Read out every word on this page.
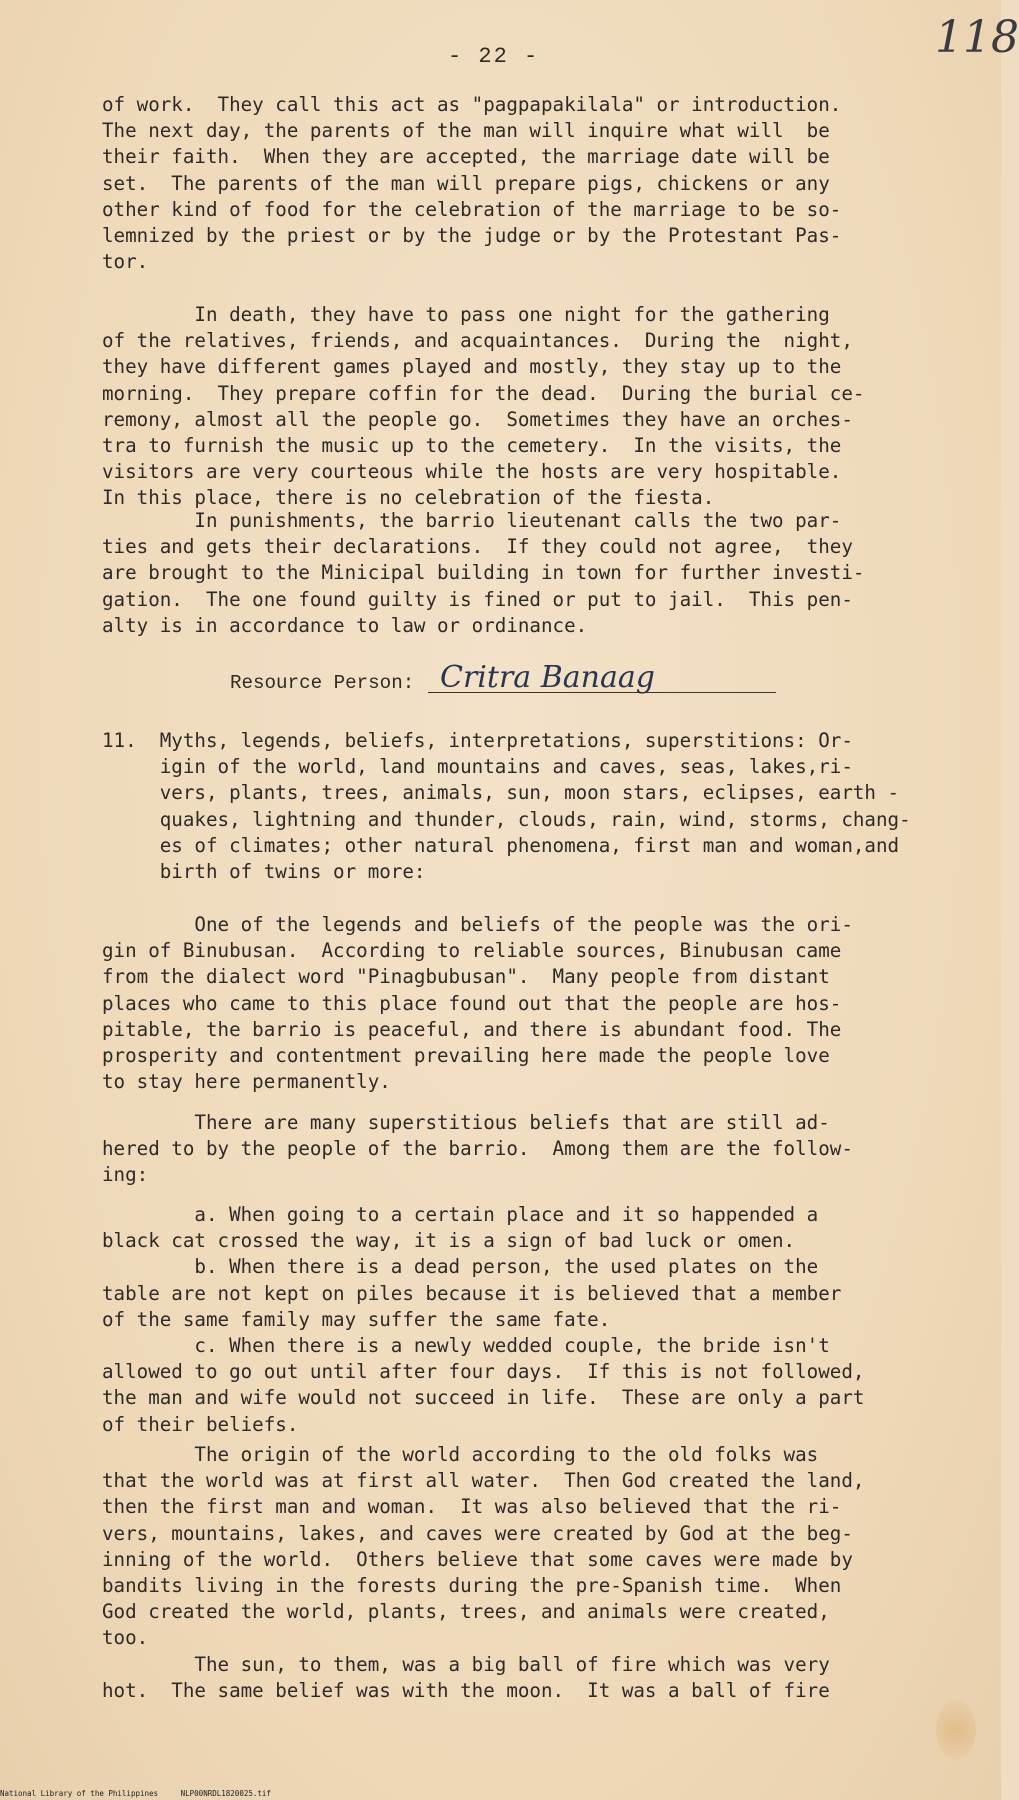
- 22 -	118
of work.  They call this act as "pagpapakilala" or introduction.
The next day, the parents of the man will inquire what will  be
their faith.  When they are accepted, the marriage date will be
set.  The parents of the man will prepare pigs, chickens or any
other kind of food for the celebration of the marriage to be so-
lemnized by the priest or by the judge or by the Protestant Pas-
tor.
In death, they have to pass one night for the gathering
of the relatives, friends, and acquaintances.  During the  night,
they have different games played and mostly, they stay up to the
morning.  They prepare coffin for the dead.  During the burial ce-
remony, almost all the people go.  Sometimes they have an orches-
tra to furnish the music up to the cemetery.  In the visits, the
visitors are very courteous while the hosts are very hospitable.
In this place, there is no celebration of the fiesta.
In punishments, the barrio lieutenant calls the two par-
ties and gets their declarations.  If they could not agree,  they
are brought to the Minicipal building in town for further investi-
gation.  The one found guilty is fined or put to jail.  This pen-
alty is in accordance to law or ordinance.
Resource Person: Critra Banaag
11.  Myths, legends, beliefs, interpretations, superstitions: Or-
igin of the world, land mountains and caves, seas, lakes,ri-
vers, plants, trees, animals, sun, moon stars, eclipses, earth -
quakes, lightning and thunder, clouds, rain, wind, storms, chang-
es of climates; other natural phenomena, first man and woman,and
birth of twins or more:
One of the legends and beliefs of the people was the ori-
gin of Binubusan.  According to reliable sources, Binubusan came
from the dialect word "Pinagbubusan".  Many people from distant
places who came to this place found out that the people are hos-
pitable, the barrio is peaceful, and there is abundant food. The
prosperity and contentment prevailing here made the people love
to stay here permanently.
There are many superstitious beliefs that are still ad-
hered to by the people of the barrio.  Among them are the follow-
ing:
a. When going to a certain place and it so happended a
black cat crossed the way, it is a sign of bad luck or omen.
b. When there is a dead person, the used plates on the
table are not kept on piles because it is believed that a member
of the same family may suffer the same fate.
c. When there is a newly wedded couple, the bride isn't
allowed to go out until after four days.  If this is not followed,
the man and wife would not succeed in life.  These are only a part
of their beliefs.
The origin of the world according to the old folks was
that the world was at first all water.  Then God created the land,
then the first man and woman.  It was also believed that the ri-
vers, mountains, lakes, and caves were created by God at the beg-
inning of the world.  Others believe that some caves were made by
bandits living in the forests during the pre-Spanish time.  When
God created the world, plants, trees, and animals were created,
too.
The sun, to them, was a big ball of fire which was very
hot.  The same belief was with the moon.  It was a ball of fire
National Library of the Philippines     NLP00NRDL1820025.tif
